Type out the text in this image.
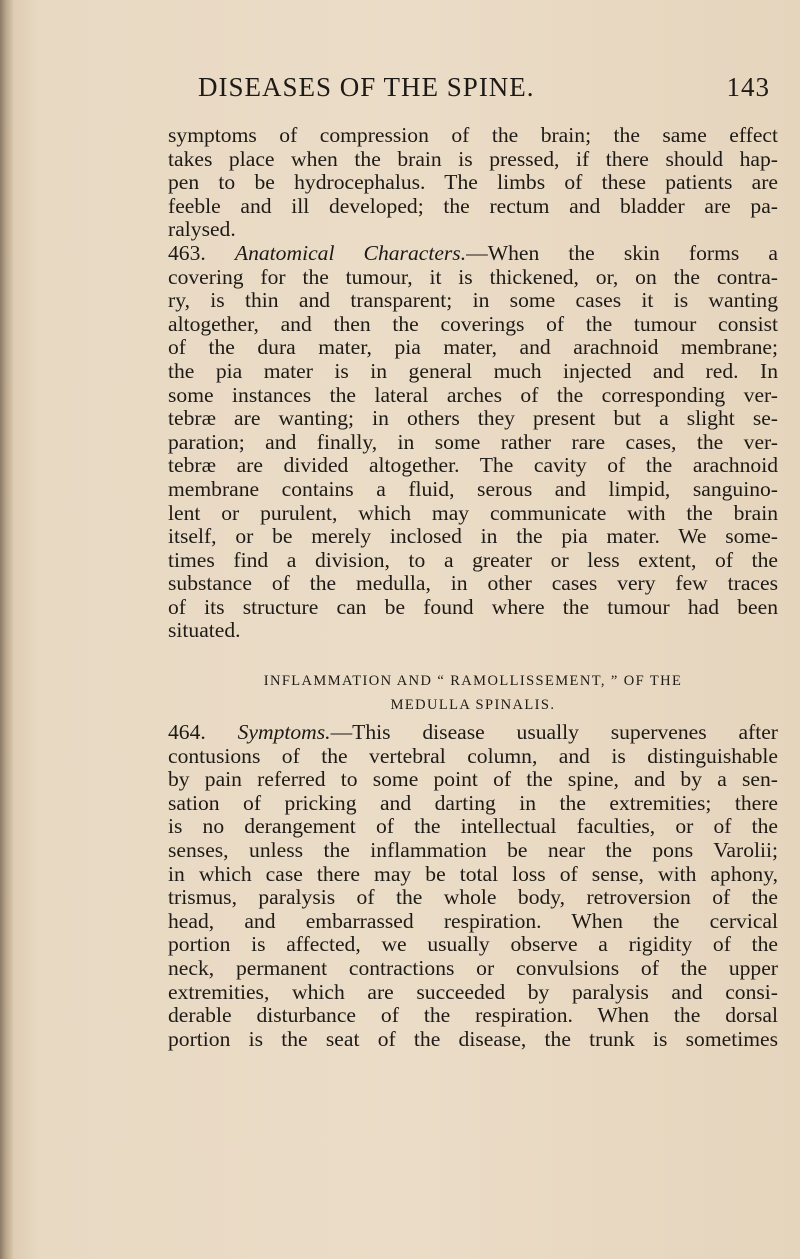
DISEASES OF THE SPINE.	143

symptoms of compression of the brain; the same effect
takes place when the brain is pressed, if there should hap-
pen to be hydrocephalus. The limbs of these patients are
feeble and ill developed; the rectum and bladder are pa-
ralysed.

463. Anatomical Characters.—When the skin forms a
covering for the tumour, it is thickened, or, on the contra-
ry, is thin and transparent; in some cases it is wanting
altogether, and then the coverings of the tumour consist
of the dura mater, pia mater, and arachnoid membrane;
the pia mater is in general much injected and red. In
some instances the lateral arches of the corresponding ver-
tebræ are wanting; in others they present but a slight se-
paration; and finally, in some rather rare cases, the ver-
tebræ are divided altogether. The cavity of the arachnoid
membrane contains a fluid, serous and limpid, sanguino-
lent or purulent, which may communicate with the brain
itself, or be merely inclosed in the pia mater. We some-
times find a division, to a greater or less extent, of the
substance of the medulla, in other cases very few traces
of its structure can be found where the tumour had been
situated.

INFLAMMATION AND “ RAMOLLISSEMENT, ” OF THE
MEDULLA SPINALIS.

464. Symptoms.—This disease usually supervenes after
contusions of the vertebral column, and is distinguishable
by pain referred to some point of the spine, and by a sen-
sation of pricking and darting in the extremities; there
is no derangement of the intellectual faculties, or of the
senses, unless the inflammation be near the pons Varolii;
in which case there may be total loss of sense, with aphony,
trismus, paralysis of the whole body, retroversion of the
head, and embarrassed respiration. When the cervical
portion is affected, we usually observe a rigidity of the
neck, permanent contractions or convulsions of the upper
extremities, which are succeeded by paralysis and consi-
derable disturbance of the respiration. When the dorsal
portion is the seat of the disease, the trunk is sometimes
